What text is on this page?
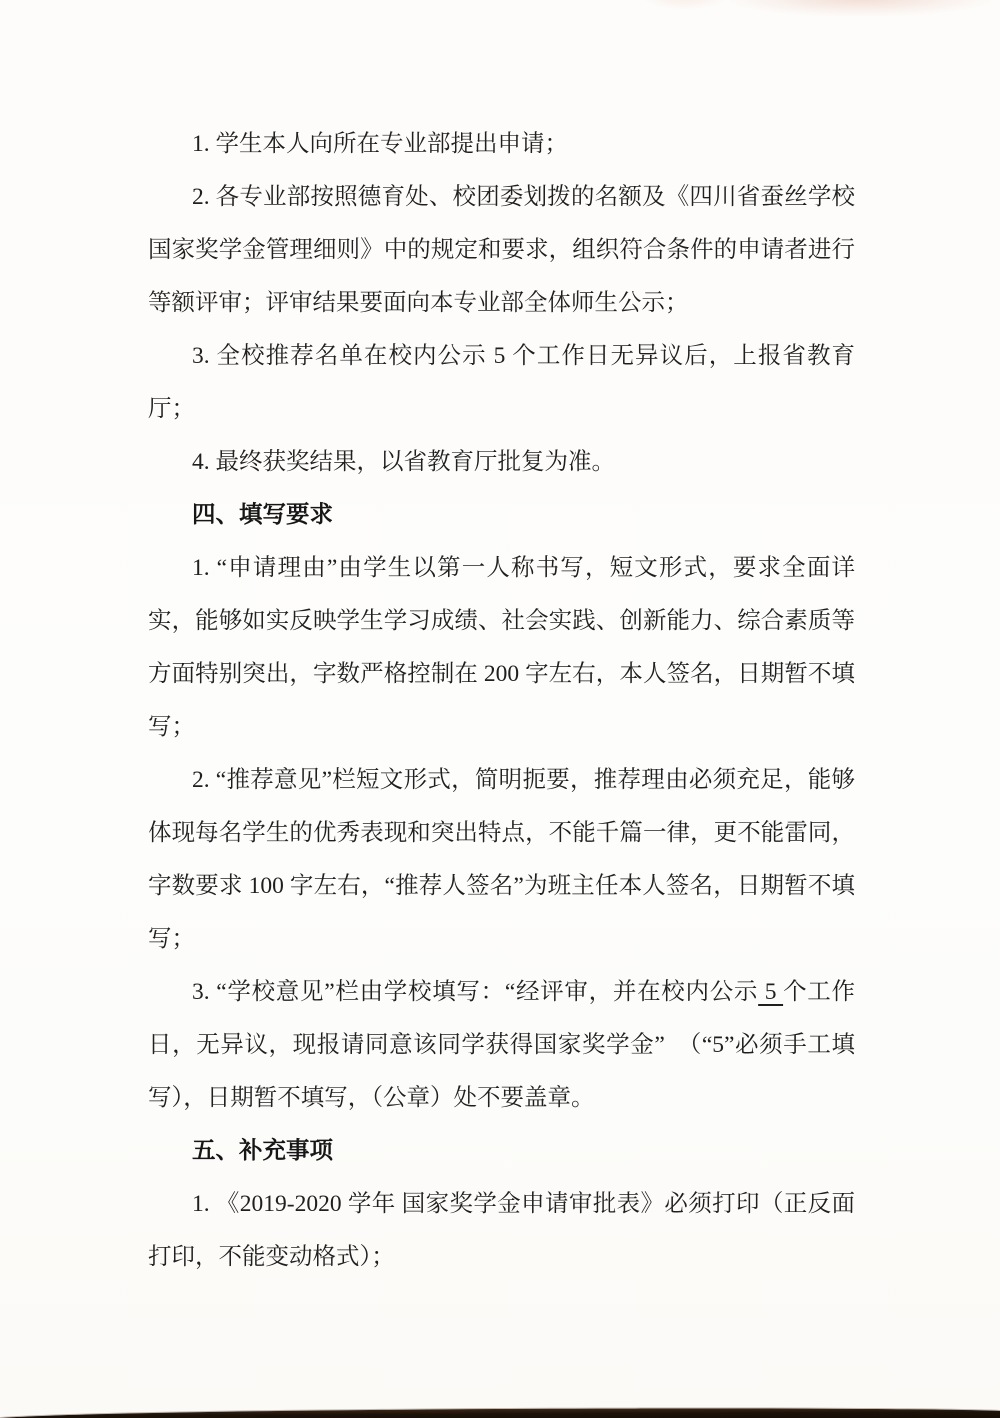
1. 学生本人向所在专业部提出申请；

2. 各专业部按照德育处、校团委划拨的名额及《四川省蚕丝学校国家奖学金管理细则》中的规定和要求，组织符合条件的申请者进行等额评审；评审结果要面向本专业部全体师生公示；

3. 全校推荐名单在校内公示 5 个工作日无异议后，上报省教育厅；

4. 最终获奖结果，以省教育厅批复为准。

四、填写要求

1. “申请理由”由学生以第一人称书写，短文形式，要求全面详实，能够如实反映学生学习成绩、社会实践、创新能力、综合素质等方面特别突出，字数严格控制在 200 字左右，本人签名，日期暂不填写；

2. “推荐意见”栏短文形式，简明扼要，推荐理由必须充足，能够体现每名学生的优秀表现和突出特点，不能千篇一律，更不能雷同，字数要求 100 字左右，“推荐人签名”为班主任本人签名，日期暂不填写；

3. “学校意见”栏由学校填写：“经评审，并在校内公示 5 个工作日，无异议，现报请同意该同学获得国家奖学金”　（“5”必须手工填写），日期暂不填写，（公章）处不要盖章。

五、补充事项

1. 《2019-2020 学年 国家奖学金申请审批表》必须打印（正反面打印，不能变动格式）；
